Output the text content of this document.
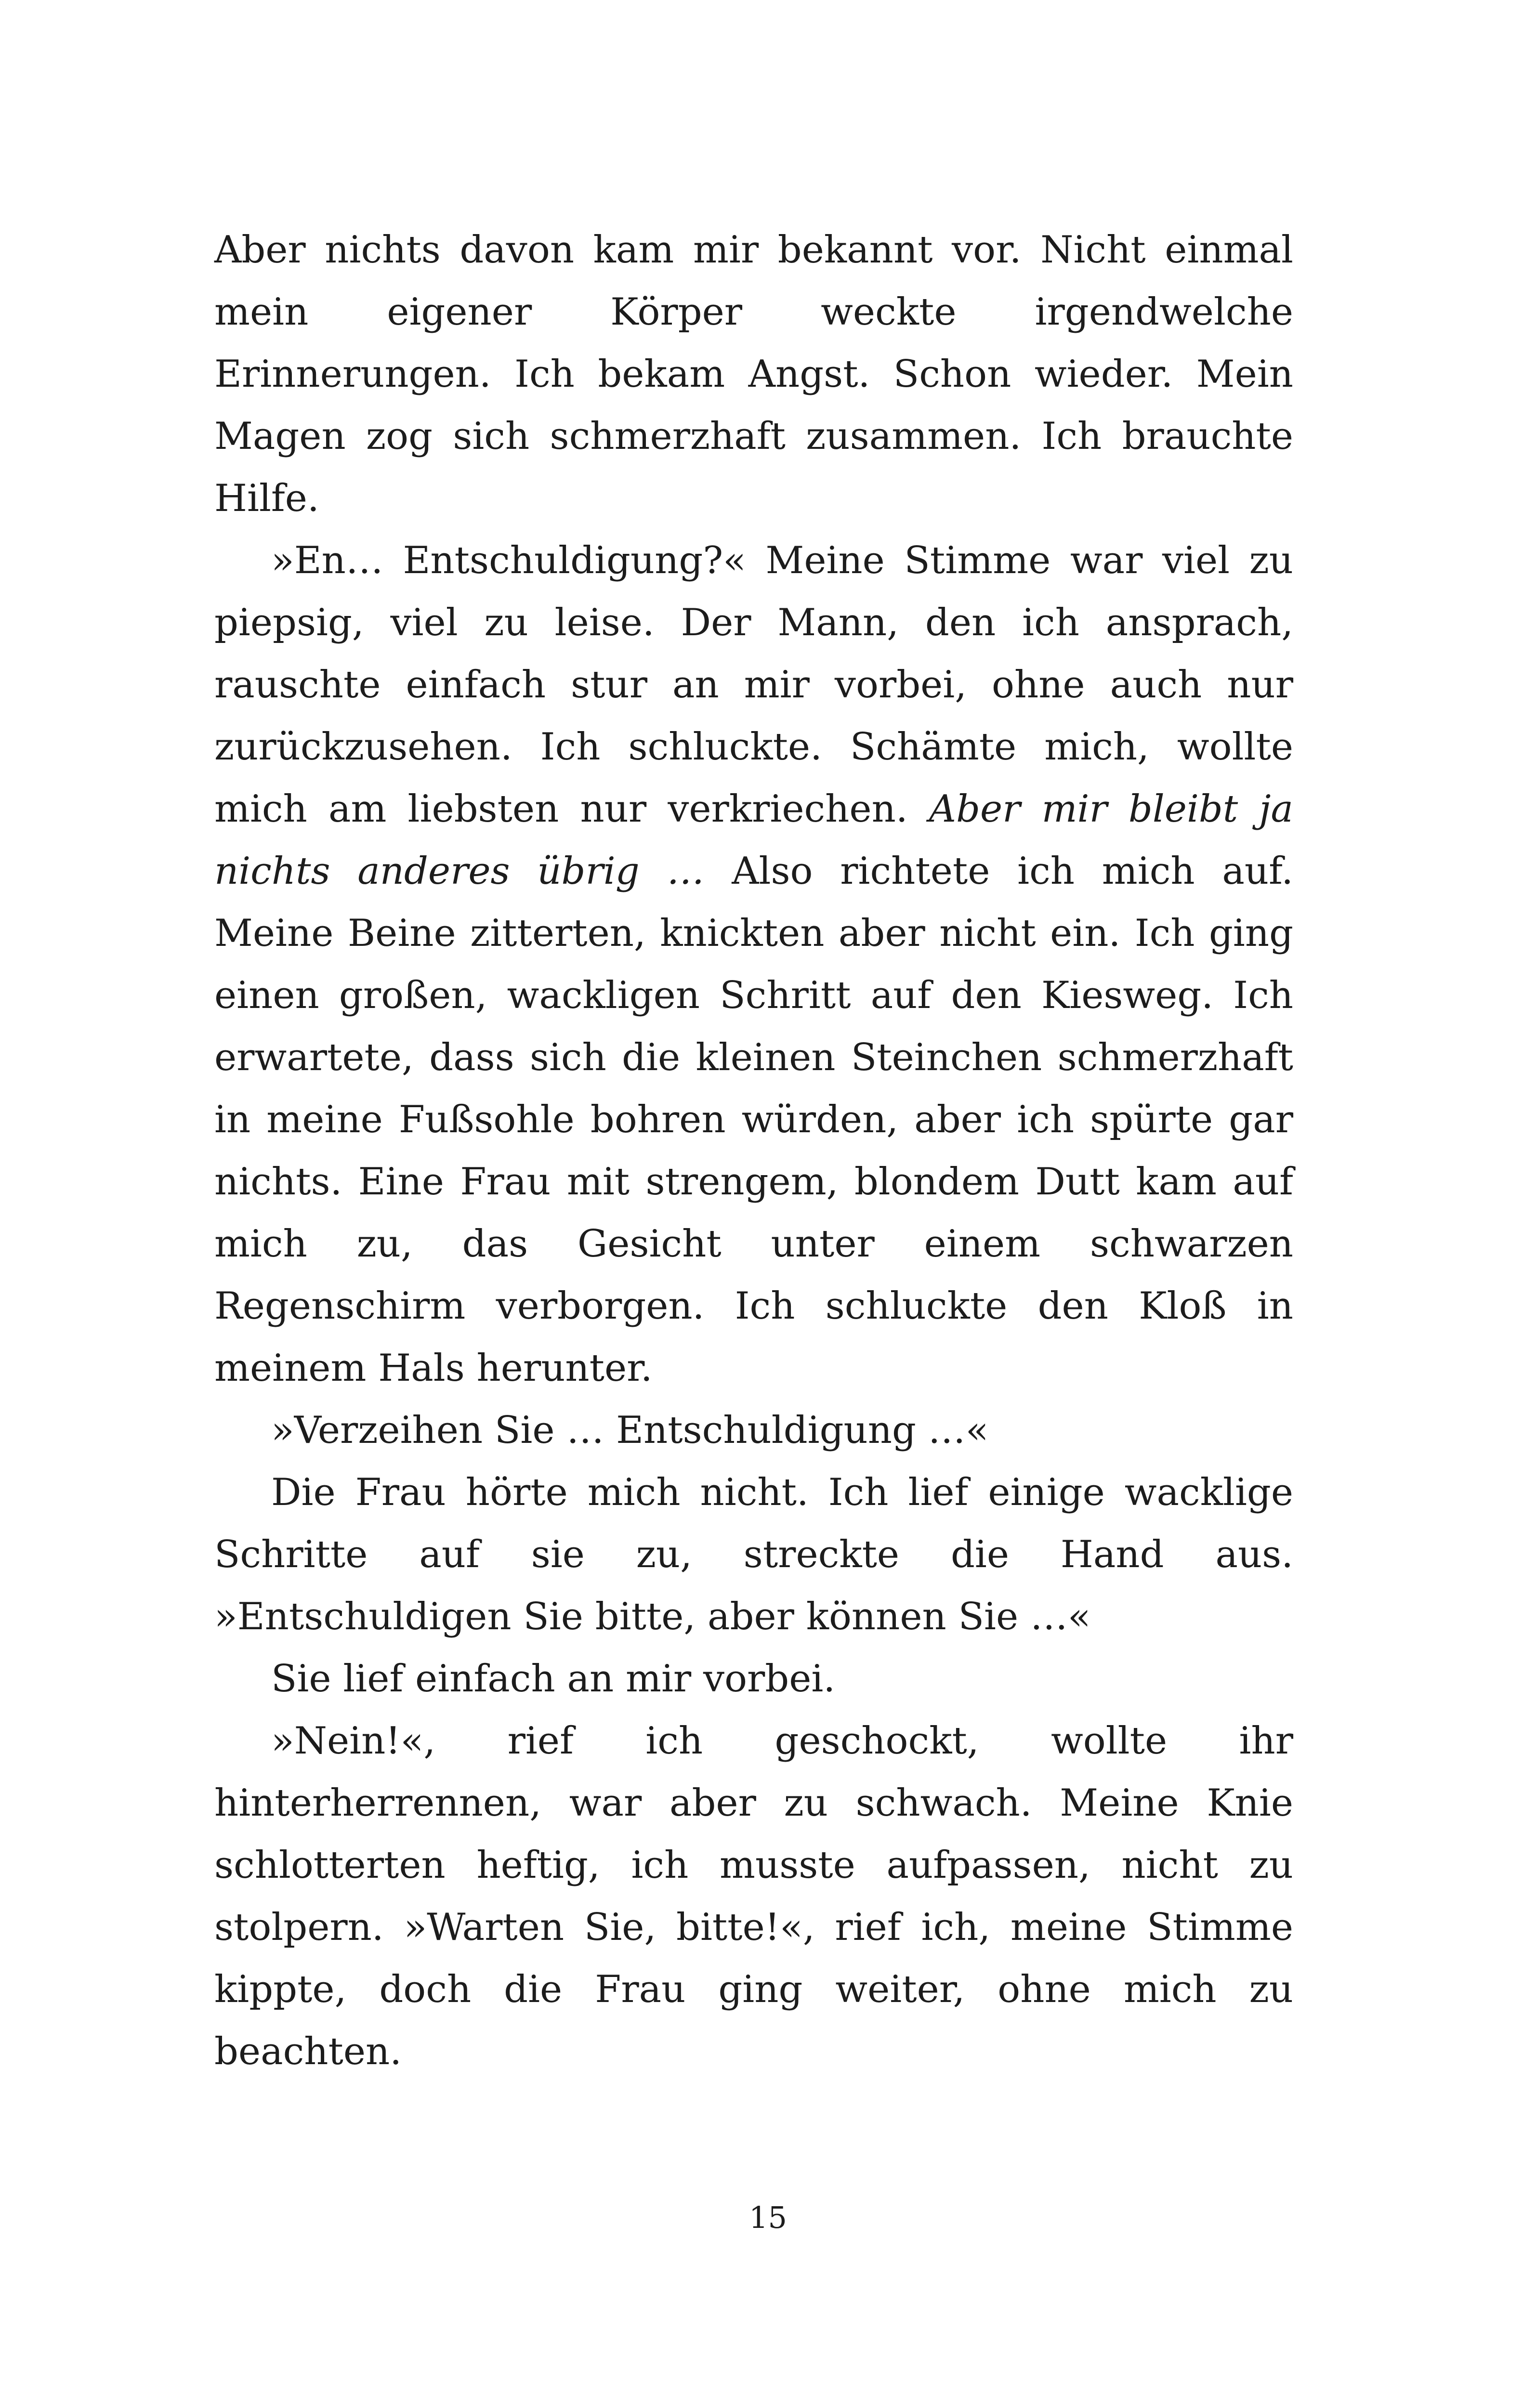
Aber nichts davon kam mir bekannt vor. Nicht einmal mein eigener Körper weckte irgendwelche Erinnerungen. Ich bekam Angst. Schon wieder. Mein Magen zog sich schmerzhaft zusammen. Ich brauchte Hilfe.

»En… Entschuldigung?« Meine Stimme war viel zu piepsig, viel zu leise. Der Mann, den ich ansprach, rauschte einfach stur an mir vorbei, ohne auch nur zurückzusehen. Ich schluckte. Schämte mich, wollte mich am liebsten nur verkriechen. Aber mir bleibt ja nichts anderes übrig … Also richtete ich mich auf. Meine Beine zitterten, knickten aber nicht ein. Ich ging einen großen, wackligen Schritt auf den Kiesweg. Ich erwartete, dass sich die kleinen Steinchen schmerzhaft in meine Fußsohle bohren würden, aber ich spürte gar nichts. Eine Frau mit strengem, blondem Dutt kam auf mich zu, das Gesicht unter einem schwarzen Regenschirm verborgen. Ich schluckte den Kloß in meinem Hals herunter.

»Verzeihen Sie … Entschuldigung …«

Die Frau hörte mich nicht. Ich lief einige wacklige Schritte auf sie zu, streckte die Hand aus. »Entschuldigen Sie bitte, aber können Sie …«

Sie lief einfach an mir vorbei.

»Nein!«, rief ich geschockt, wollte ihr hinterherrennen, war aber zu schwach. Meine Knie schlotterten heftig, ich musste aufpassen, nicht zu stolpern. »Warten Sie, bitte!«, rief ich, meine Stimme kippte, doch die Frau ging weiter, ohne mich zu beachten.

15
